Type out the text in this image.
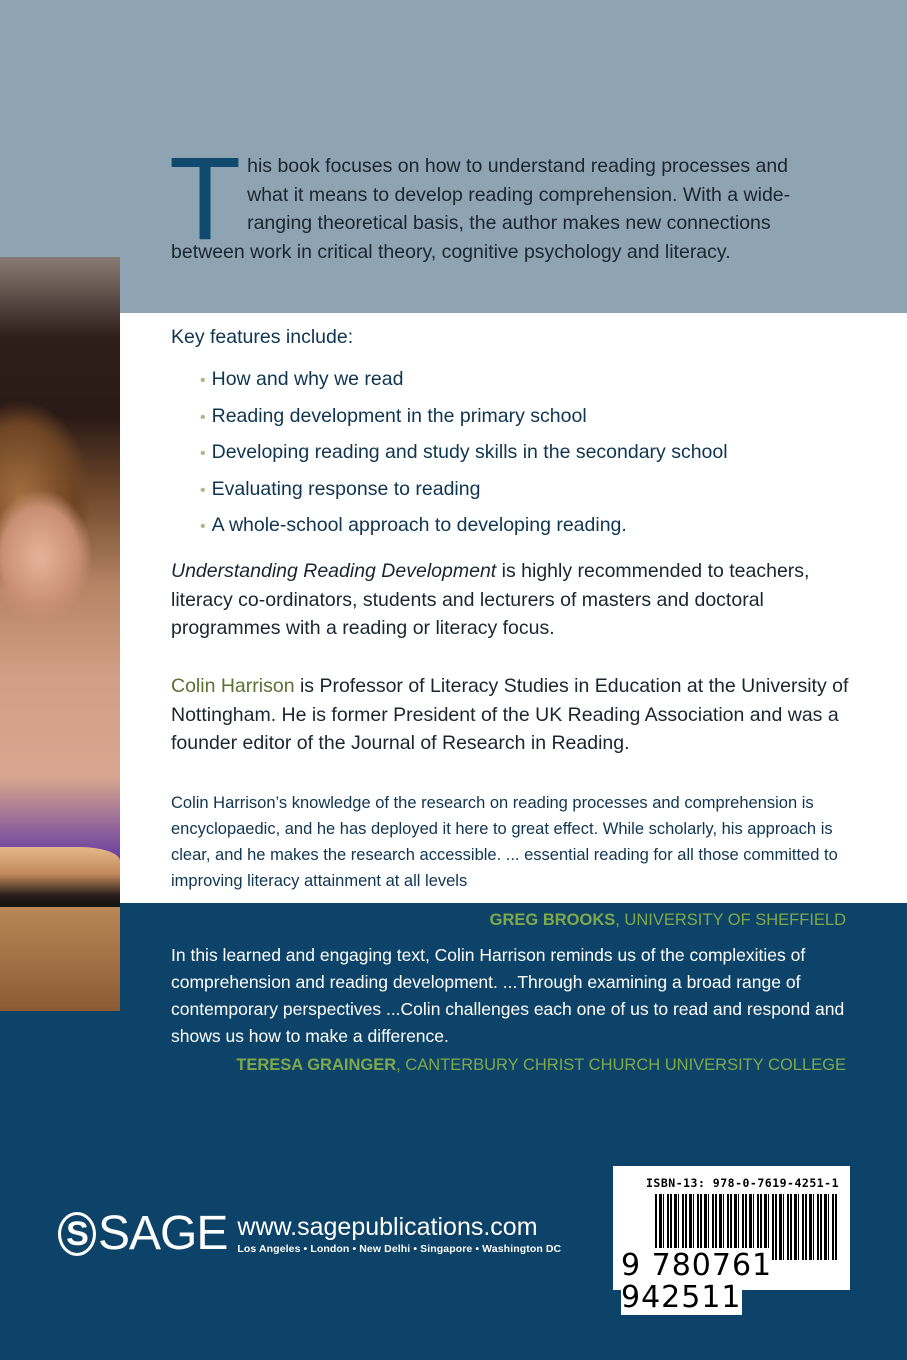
This book focuses on how to understand reading processes and what it means to develop reading comprehension. With a wide-ranging theoretical basis, the author makes new connections between work in critical theory, cognitive psychology and literacy.
Key features include:
• How and why we read
• Reading development in the primary school
• Developing reading and study skills in the secondary school
• Evaluating response to reading
• A whole-school approach to developing reading.
Understanding Reading Development is highly recommended to teachers, literacy co-ordinators, students and lecturers of masters and doctoral programmes with a reading or literacy focus.
Colin Harrison is Professor of Literacy Studies in Education at the University of Nottingham. He is former President of the UK Reading Association and was a founder editor of the Journal of Research in Reading.
Colin Harrison’s knowledge of the research on reading processes and comprehension is encyclopaedic, and he has deployed it here to great effect. While scholarly, his approach is clear, and he makes the research accessible. ... essential reading for all those committed to improving literacy attainment at all levels
GREG BROOKS, UNIVERSITY OF SHEFFIELD
In this learned and engaging text, Colin Harrison reminds us of the complexities of comprehension and reading development. ...Through examining a broad range of contemporary perspectives ...Colin challenges each one of us to read and respond and shows us how to make a difference.
TERESA GRAINGER, CANTERBURY CHRIST CHURCH UNIVERSITY COLLEGE
S SAGE www.sagepublications.com
Los Angeles • London • New Delhi • Singapore • Washington DC
ISBN-13: 978-0-7619-4251-1
9 780761 942511
